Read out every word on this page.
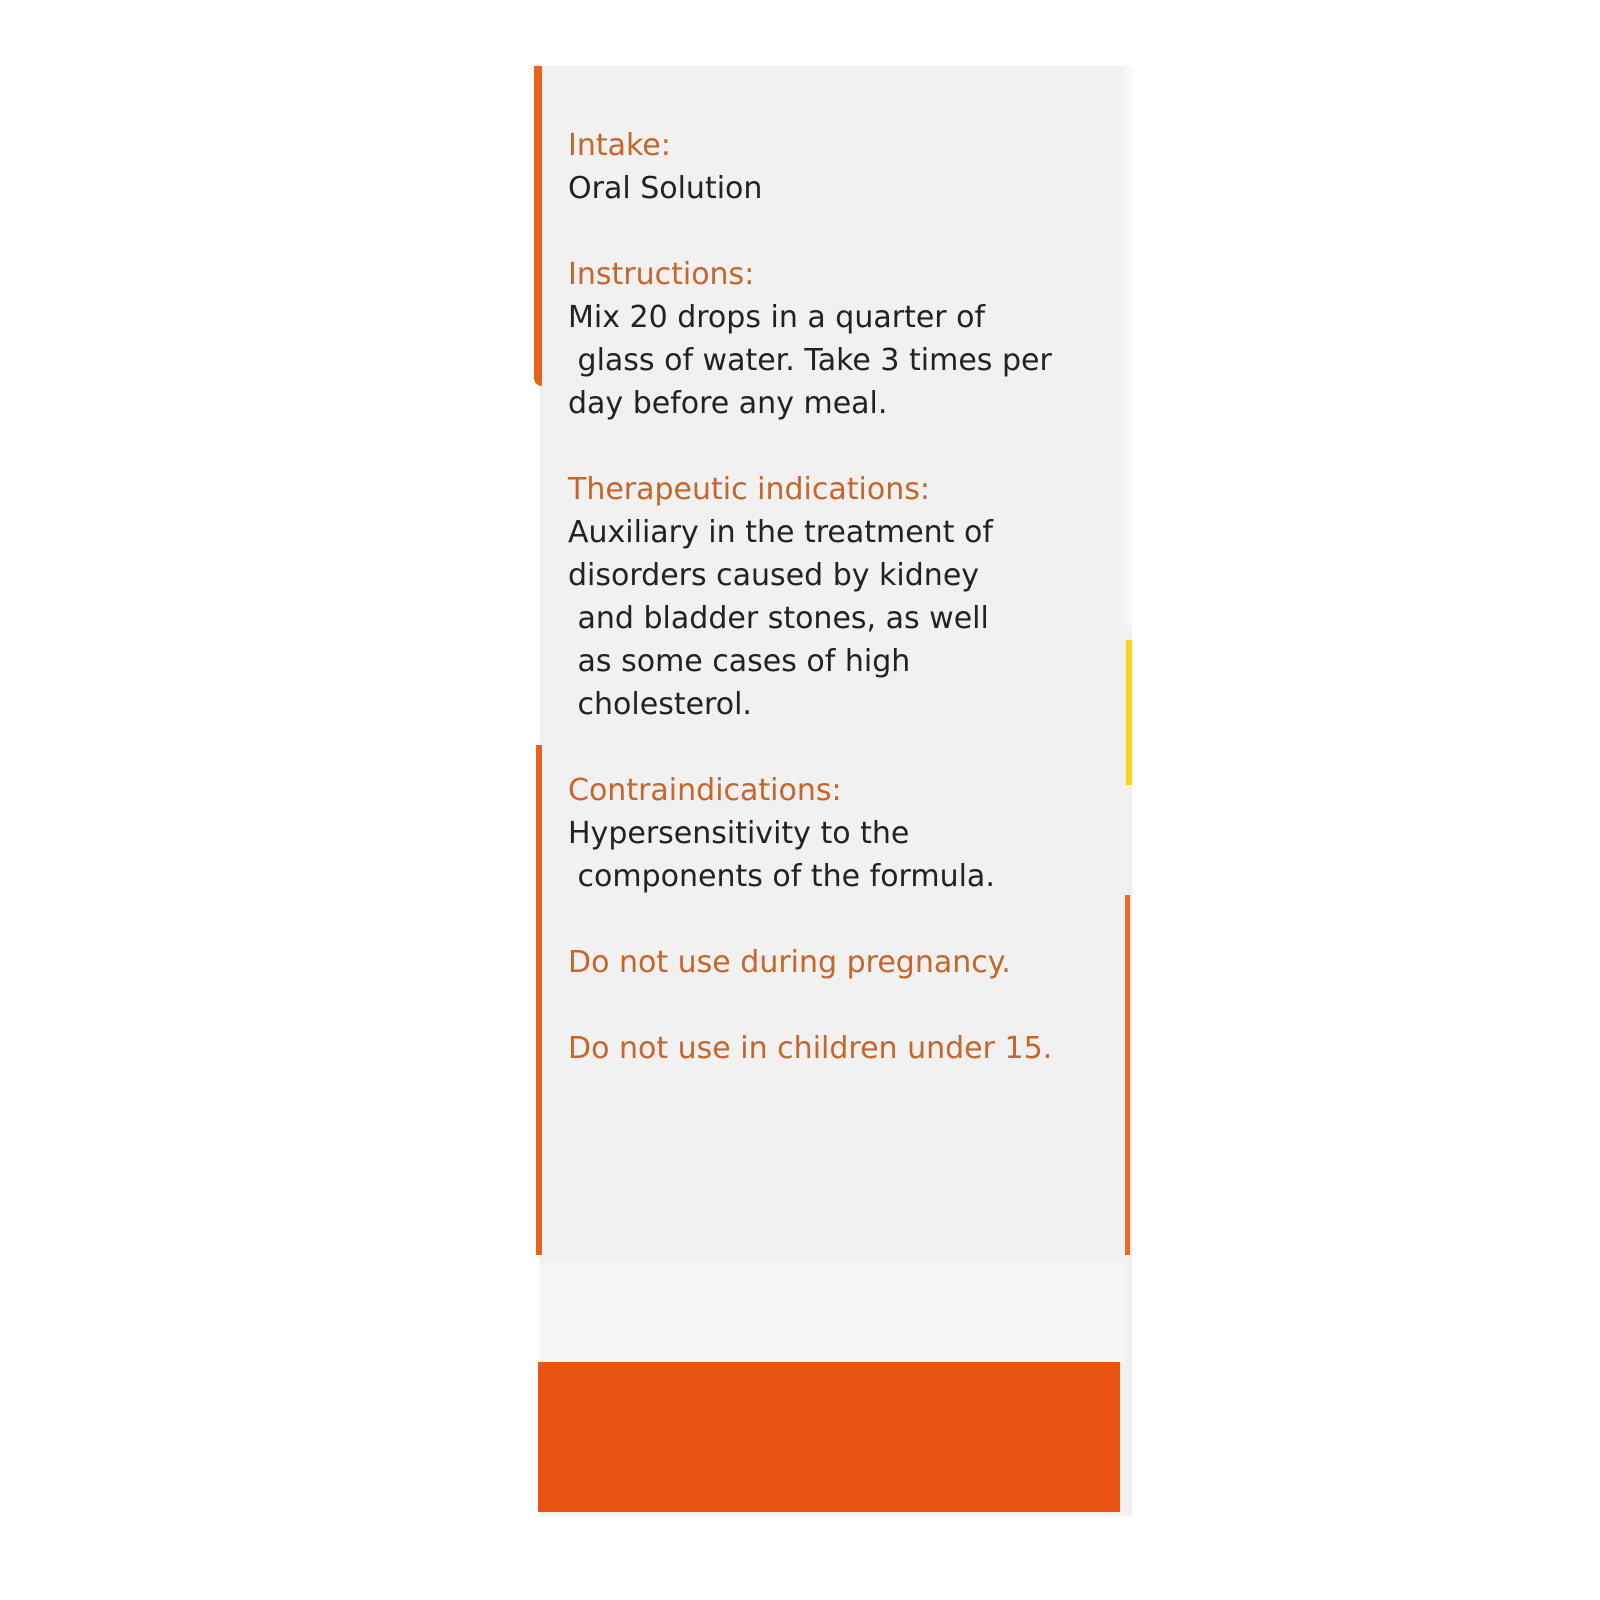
Intake:

Oral Solution

Instructions:

Mix 20 drops in a quarter of

glass of water. Take 3 times per

day before any meal.

Therapeutic indications:

Auxiliary in the treatment of

disorders caused by kidney

and bladder stones, as well

as some cases of high

cholesterol.

Contraindications:

Hypersensitivity to the

components of the formula.

Do not use during pregnancy.

Do not use in children under 15.
